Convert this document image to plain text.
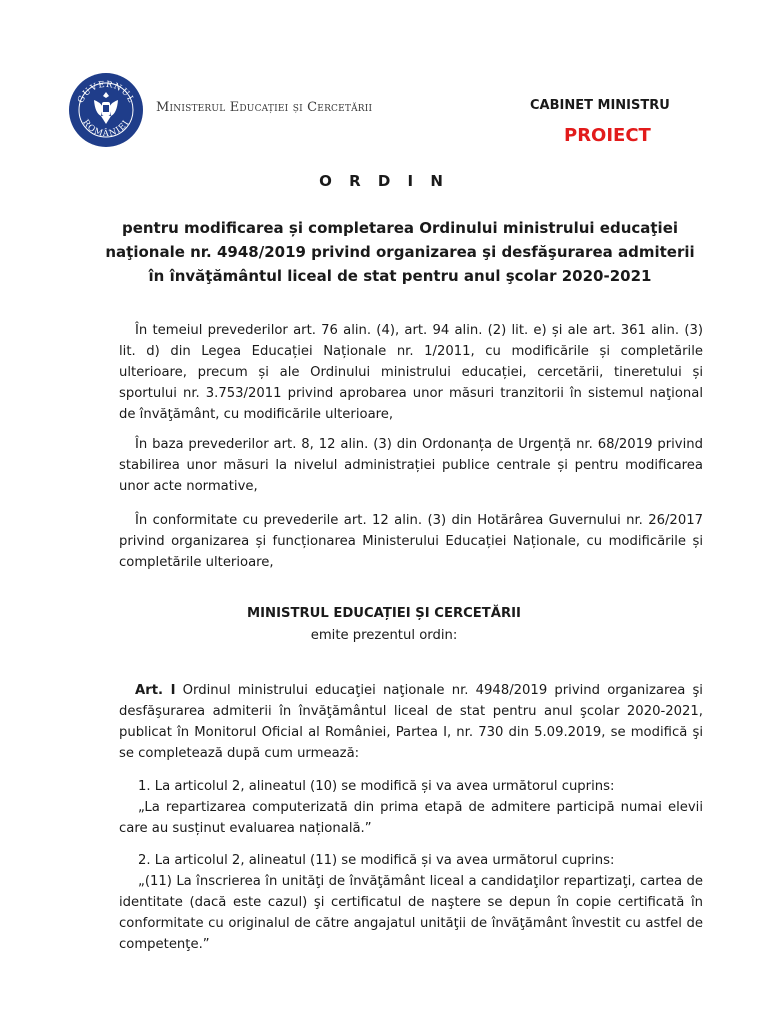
GUVERNUL
ROMÂNIEI
Ministerul Educației și Cercetării	CABINET MINISTRU
PROIECT
O R D I N
pentru modificarea și completarea Ordinului ministrului educaţiei naţionale nr. 4948/2019 privind organizarea şi desfăşurarea admiterii în învăţământul liceal de stat pentru anul şcolar 2020-2021
În temeiul prevederilor art. 76 alin. (4), art. 94 alin. (2) lit. e) și ale art. 361 alin. (3) lit. d) din Legea Educației Naționale nr. 1/2011, cu modificările și completările ulterioare, precum și ale Ordinului ministrului educației, cercetării, tineretului și sportului nr. 3.753/2011 privind aprobarea unor măsuri tranzitorii în sistemul naţional de învăţământ, cu modificările ulterioare,
În baza prevederilor art. 8, 12 alin. (3) din Ordonanța de Urgență nr. 68/2019 privind stabilirea unor măsuri la nivelul administrației publice centrale și pentru modificarea unor acte normative,
În conformitate cu prevederile art. 12 alin. (3) din Hotărârea Guvernului nr. 26/2017 privind organizarea și funcționarea Ministerului Educației Naționale, cu modificările și completările ulterioare,
MINISTRUL EDUCAȚIEI ȘI CERCETĂRII
emite prezentul ordin:
Art. I Ordinul ministrului educaţiei naţionale nr. 4948/2019 privind organizarea şi desfăşurarea admiterii în învăţământul liceal de stat pentru anul şcolar 2020-2021, publicat în Monitorul Oficial al României, Partea I, nr. 730 din 5.09.2019, se modifică şi se completează după cum urmează:
1. La articolul 2, alineatul (10) se modifică și va avea următorul cuprins:
„La repartizarea computerizată din prima etapă de admitere participă numai elevii care au susținut evaluarea națională.”
2. La articolul 2, alineatul (11) se modifică și va avea următorul cuprins:
„(11) La înscrierea în unităţi de învăţământ liceal a candidaţilor repartizaţi, cartea de identitate (dacă este cazul) şi certificatul de naştere se depun în copie certificată în conformitate cu originalul de către angajatul unităţii de învăţământ învestit cu astfel de competenţe.”
